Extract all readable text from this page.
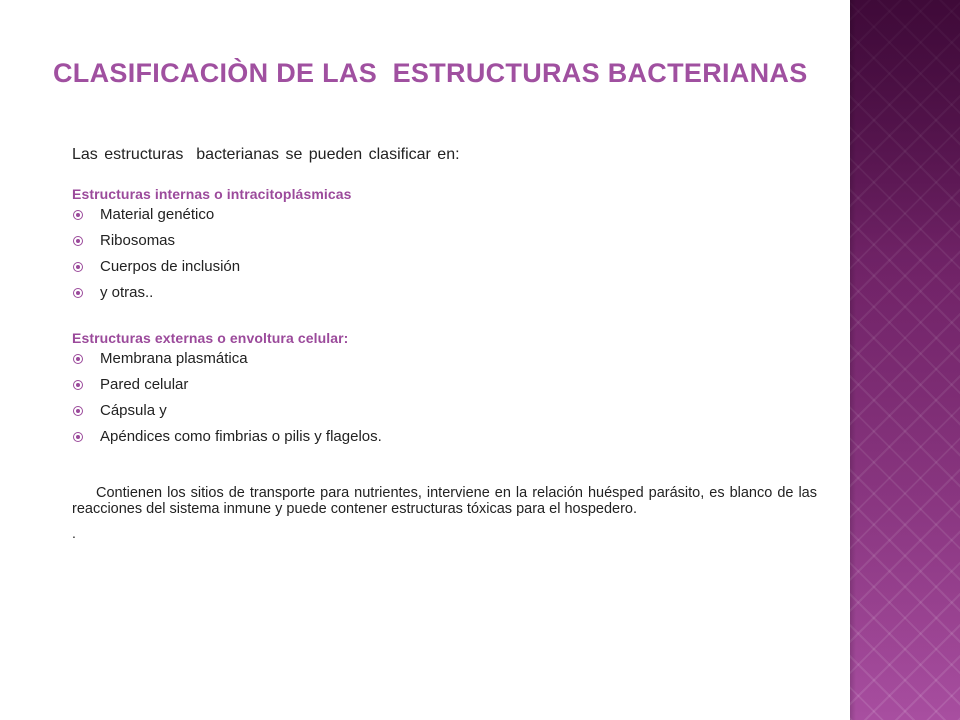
CLASIFICACIÒN DE LAS  ESTRUCTURAS BACTERIANAS

Las estructuras  bacterianas se pueden clasificar en:

Estructuras internas o intracitoplásmicas

Material genético
Ribosomas
Cuerpos de inclusión
y otras..

Estructuras externas o envoltura celular:

Membrana plasmática
Pared celular
Cápsula y
Apéndices como fimbrias o pilis y flagelos.

Contienen los sitios de transporte para nutrientes, interviene en la relación huésped parásito, es blanco de las reacciones del sistema inmune y puede contener estructuras tóxicas para el hospedero.

.
